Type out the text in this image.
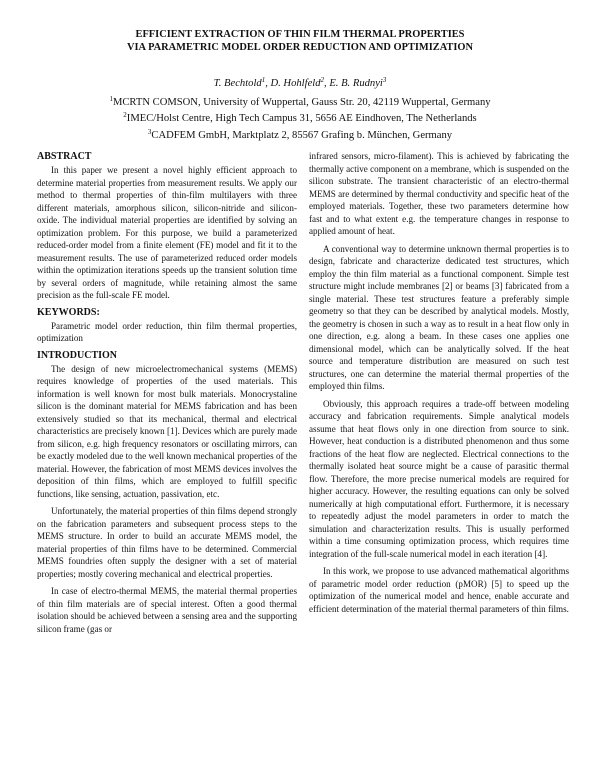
EFFICIENT EXTRACTION OF THIN FILM THERMAL PROPERTIES
VIA PARAMETRIC MODEL ORDER REDUCTION AND OPTIMIZATION
T. Bechtold$^1$, D. Hohlfeld$^2$, E. B. Rudnyi$^3$
$^1$MCRTN COMSON, University of Wuppertal, Gauss Str. 20, 42119 Wuppertal, Germany
$^2$IMEC/Holst Centre, High Tech Campus 31, 5656 AE Eindhoven, The Netherlands
$^3$CADFEM GmbH, Marktplatz 2, 85567 Grafing b. München, Germany
ABSTRACT

In this paper we present a novel highly efficient approach to determine material properties from measurement results. We apply our method to thermal properties of thin-film multilayers with three different materials, amorphous silicon, silicon-nitride and silicon-oxide. The individual material properties are identified by solving an optimization problem. For this purpose, we build a parameterized reduced-order model from a finite element (FE) model and fit it to the measurement results. The use of parameterized reduced order models within the optimization iterations speeds up the transient solution time by several orders of magnitude, while retaining almost the same precision as the full-scale FE model.

KEYWORDS:

Parametric model order reduction, thin film thermal properties, optimization

INTRODUCTION

The design of new microelectromechanical systems (MEMS) requires knowledge of properties of the used materials. This information is well known for most bulk materials. Monocrystaline silicon is the dominant material for MEMS fabrication and has been extensively studied so that its mechanical, thermal and electrical characteristics are precisely known [1]. Devices which are purely made from silicon, e.g. high frequency resonators or oscillating mirrors, can be exactly modeled due to the well known mechanical properties of the material. However, the fabrication of most MEMS devices involves the deposition of thin films, which are employed to fulfill specific functions, like sensing, actuation, passivation, etc.

Unfortunately, the material properties of thin films depend strongly on the fabrication parameters and subsequent process steps to the MEMS structure. In order to build an accurate MEMS model, the material properties of thin films have to be determined. Commercial MEMS foundries often supply the designer with a set of material properties; mostly covering mechanical and electrical properties.

In case of electro-thermal MEMS, the material thermal properties of thin film materials are of special interest. Often a good thermal isolation should be achieved between a sensing area and the supporting silicon frame (gas or

infrared sensors, micro-filament). This is achieved by fabricating the thermally active component on a membrane, which is suspended on the silicon substrate. The transient characteristic of an electro-thermal MEMS are determined by thermal conductivity and specific heat of the employed materials. Together, these two parameters determine how fast and to what extent e.g. the temperature changes in response to applied amount of heat.

A conventional way to determine unknown thermal properties is to design, fabricate and characterize dedicated test structures, which employ the thin film material as a functional component. Simple test structure might include membranes [2] or beams [3] fabricated from a single material. These test structures feature a preferably simple geometry so that they can be described by analytical models. Mostly, the geometry is chosen in such a way as to result in a heat flow only in one direction, e.g. along a beam. In these cases one applies one dimensional model, which can be analytically solved. If the heat source and temperature distribution are measured on such test structures, one can determine the material thermal properties of the employed thin films.

Obviously, this approach requires a trade-off between modeling accuracy and fabrication requirements. Simple analytical models assume that heat flows only in one direction from source to sink. However, heat conduction is a distributed phenomenon and thus some fractions of the heat flow are neglected. Electrical connections to the thermally isolated heat source might be a cause of parasitic thermal flow. Therefore, the more precise numerical models are required for higher accuracy. However, the resulting equations can only be solved numerically at high computational effort. Furthermore, it is necessary to repeatedly adjust the model parameters in order to match the simulation and characterization results. This is usually performed within a time consuming optimization process, which requires time integration of the full-scale numerical model in each iteration [4].

In this work, we propose to use advanced mathematical algorithms of parametric model order reduction (pMOR) [5] to speed up the optimization of the numerical model and hence, enable accurate and efficient determination of the material thermal parameters of thin films.
